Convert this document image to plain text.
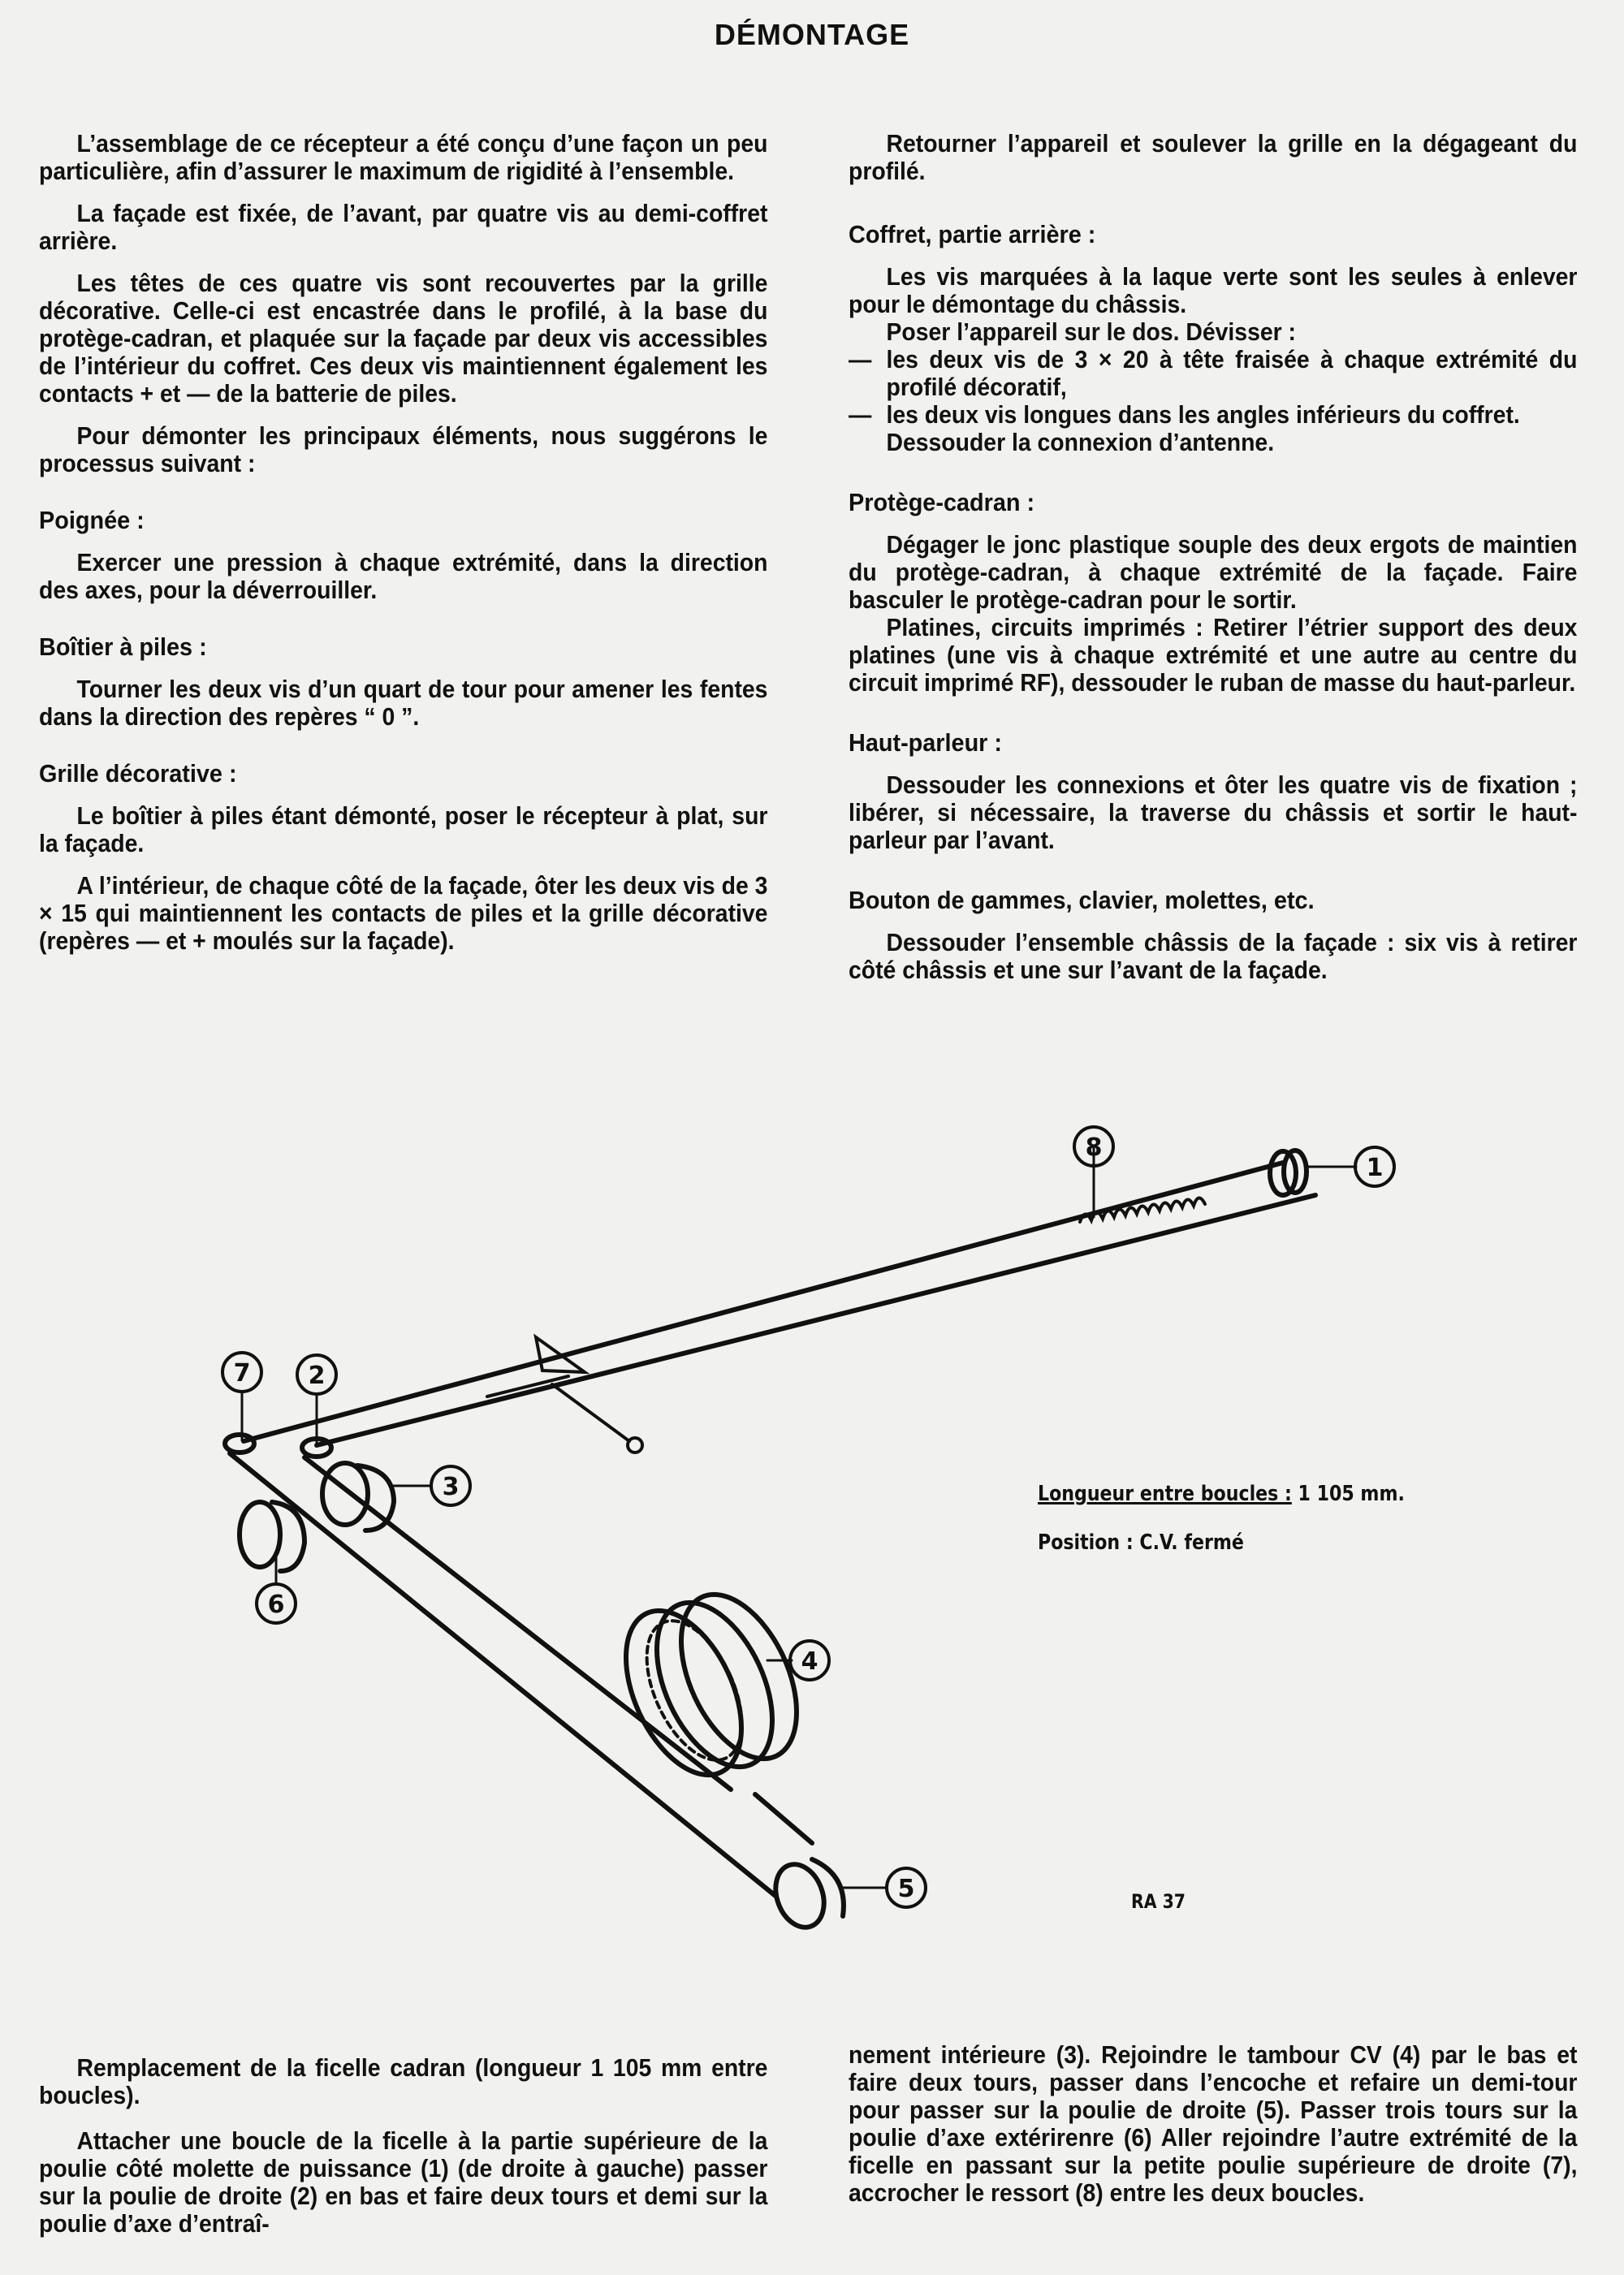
DÉMONTAGE

L’assemblage de ce récepteur a été conçu d’une façon un peu particulière, afin d’assurer le maximum de rigidité à l’ensemble.

La façade est fixée, de l’avant, par quatre vis au demi-coffret arrière.

Les têtes de ces quatre vis sont recouvertes par la grille décorative. Celle-ci est encastrée dans le profilé, à la base du protège-cadran, et plaquée sur la façade par deux vis accessibles de l’intérieur du coffret. Ces deux vis maintiennent également les contacts + et — de la batterie de piles.

Pour démonter les principaux éléments, nous suggérons le processus suivant :

Poignée :

Exercer une pression à chaque extrémité, dans la direction des axes, pour la déverrouiller.

Boîtier à piles :

Tourner les deux vis d’un quart de tour pour amener les fentes dans la direction des repères “ 0 ”.

Grille décorative :

Le boîtier à piles étant démonté, poser le récepteur à plat, sur la façade.

A l’intérieur, de chaque côté de la façade, ôter les deux vis de 3 × 15 qui maintiennent les contacts de piles et la grille décorative (repères — et + moulés sur la façade).

Retourner l’appareil et soulever la grille en la dégageant du profilé.

Coffret, partie arrière :

Les vis marquées à la laque verte sont les seules à enlever pour le démontage du châssis.

Poser l’appareil sur le dos. Dévisser :

— les deux vis de 3 × 20 à tête fraisée à chaque extrémité du profilé décoratif,
— les deux vis longues dans les angles inférieurs du coffret.

Dessouder la connexion d’antenne.

Protège-cadran :

Dégager le jonc plastique souple des deux ergots de maintien du protège-cadran, à chaque extrémité de la façade. Faire basculer le protège-cadran pour le sortir.

Platines, circuits imprimés : Retirer l’étrier support des deux platines (une vis à chaque extrémité et une autre au centre du circuit imprimé RF), dessouder le ruban de masse du haut-parleur.

Haut-parleur :

Dessouder les connexions et ôter les quatre vis de fixation ; libérer, si nécessaire, la traverse du châssis et sortir le haut-parleur par l’avant.

Bouton de gammes, clavier, molettes, etc.

Dessouder l’ensemble châssis de la façade : six vis à retirer côté châssis et une sur l’avant de la façade.

1
2
3
4
5
6
7
8
Longueur entre boucles : 1 105 mm.
Position : C.V. fermé
RA 37

Remplacement de la ficelle cadran (longueur 1 105 mm entre boucles).

Attacher une boucle de la ficelle à la partie supérieure de la poulie côté molette de puissance (1) (de droite à gauche) passer sur la poulie de droite (2) en bas et faire deux tours et demi sur la poulie d’axe d’entraî-

nement intérieure (3). Rejoindre le tambour CV (4) par le bas et faire deux tours, passer dans l’encoche et refaire un demi-tour pour passer sur la poulie de droite (5). Passer trois tours sur la poulie d’axe extérirenre (6) Aller rejoindre l’autre extrémité de la ficelle en passant sur la petite poulie supérieure de droite (7), accrocher le ressort (8) entre les deux boucles.
